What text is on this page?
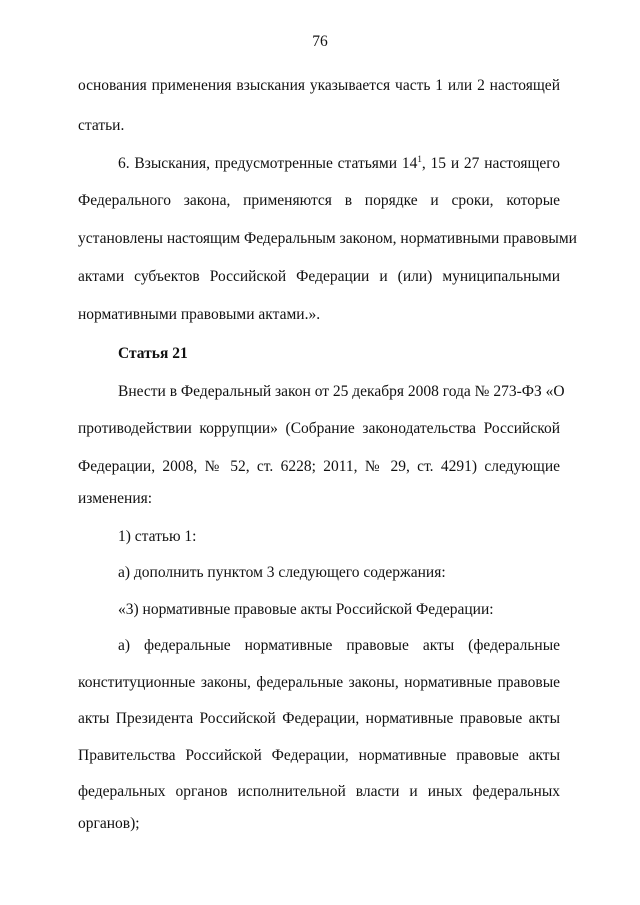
76
основания применения взыскания указывается часть 1 или 2 настоящей
статьи.
6. Взыскания, предусмотренные статьями $14^1$, 15 и 27 настоящего
Федерального закона, применяются в порядке и сроки, которые
установлены настоящим Федеральным законом, нормативными правовыми
актами субъектов Российской Федерации и (или) муниципальными
нормативными правовыми актами.».
Статья 21
Внести в Федеральный закон от 25 декабря 2008 года № 273-ФЗ «О
противодействии коррупции» (Собрание законодательства Российской
Федерации, 2008, № 52, ст. 6228; 2011, № 29, ст. 4291) следующие
изменения:
1) статью 1:
а) дополнить пунктом 3 следующего содержания:
«3) нормативные правовые акты Российской Федерации:
а) федеральные нормативные правовые акты (федеральные
конституционные законы, федеральные законы, нормативные правовые
акты Президента Российской Федерации, нормативные правовые акты
Правительства Российской Федерации, нормативные правовые акты
федеральных органов исполнительной власти и иных федеральных
органов);
